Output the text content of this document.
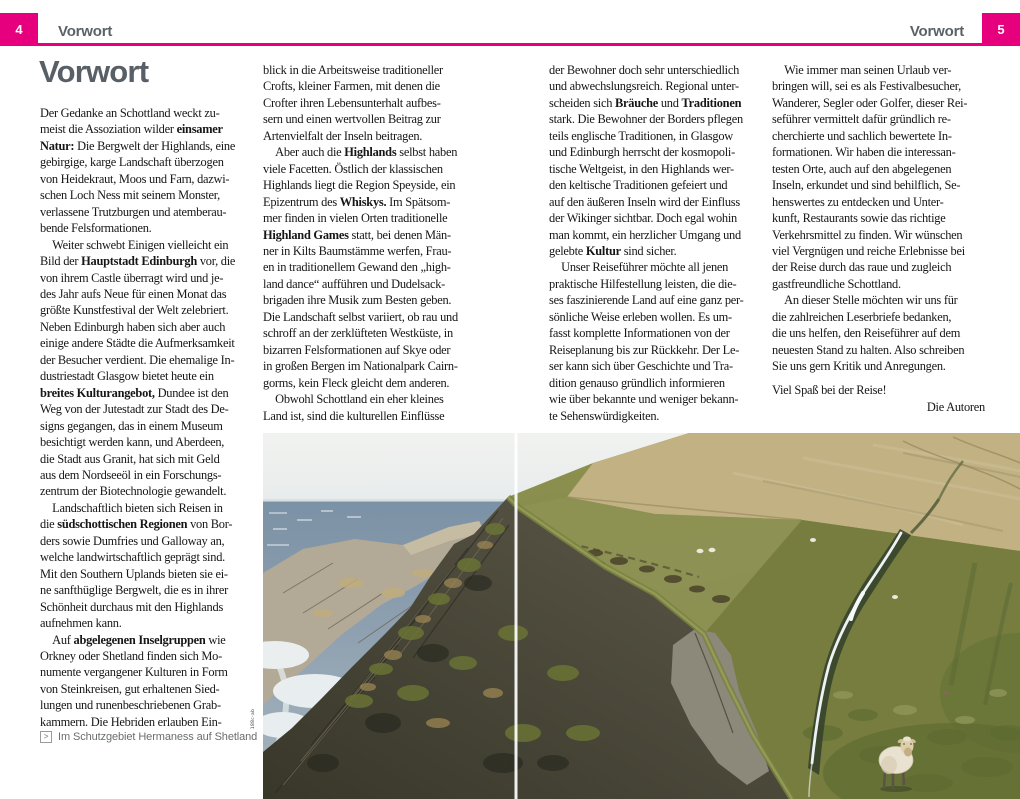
4	Vorwort	Vorwort	5
Vorwort
Der Gedanke an Schottland weckt zu-
meist die Assoziation wilder einsamer
Natur: Die Bergwelt der Highlands, eine
gebirgige, karge Landschaft überzogen
von Heidekraut, Moos und Farn, dazwi-
schen Loch Ness mit seinem Monster,
verlassene Trutzburgen und atemberau-
bende Felsformationen.
 Weiter schwebt Einigen vielleicht ein
Bild der Hauptstadt Edinburgh vor, die
von ihrem Castle überragt wird und je-
des Jahr aufs Neue für einen Monat das
größte Kunstfestival der Welt zelebriert.
Neben Edinburgh haben sich aber auch
einige andere Städte die Aufmerksamkeit
der Besucher verdient. Die ehemalige In-
dustriestadt Glasgow bietet heute ein
breites Kulturangebot, Dundee ist den
Weg von der Jutestadt zur Stadt des De-
signs gegangen, das in einem Museum
besichtigt werden kann, und Aberdeen,
die Stadt aus Granit, hat sich mit Geld
aus dem Nordseeöl in ein Forschungs-
zentrum der Biotechnologie gewandelt.
 Landschaftlich bieten sich Reisen in
die südschottischen Regionen von Bor-
ders sowie Dumfries und Galloway an,
welche landwirtschaftlich geprägt sind.
Mit den Southern Uplands bieten sie ei-
ne sanfthüglige Bergwelt, die es in ihrer
Schönheit durchaus mit den Highlands
aufnehmen kann.
 Auf abgelegenen Inselgruppen wie
Orkney oder Shetland finden sich Mo-
numente vergangener Kulturen in Form
von Steinkreisen, gut erhaltenen Sied-
lungen und runenbeschriebenen Grab-
kammern. Die Hebriden erlauben Ein-
blick in die Arbeitsweise traditioneller
Crofts, kleiner Farmen, mit denen die
Crofter ihren Lebensunterhalt aufbes-
sern und einen wertvollen Beitrag zur
Artenvielfalt der Inseln beitragen.
 Aber auch die Highlands selbst haben
viele Facetten. Östlich der klassischen
Highlands liegt die Region Speyside, ein
Epizentrum des Whiskys. Im Spätsom-
mer finden in vielen Orten traditionelle
Highland Games statt, bei denen Män-
ner in Kilts Baumstämme werfen, Frau-
en in traditionellem Gewand den „high-
land dance“ aufführen und Dudelsack-
brigaden ihre Musik zum Besten geben.
Die Landschaft selbst variiert, ob rau und
schroff an der zerklüfteten Westküste, in
bizarren Felsformationen auf Skye oder
in großen Bergen im Nationalpark Cairn-
gorms, kein Fleck gleicht dem anderen.
 Obwohl Schottland ein eher kleines
Land ist, sind die kulturellen Einflüsse
der Bewohner doch sehr unterschiedlich
und abwechslungsreich. Regional unter-
scheiden sich Bräuche und Traditionen
stark. Die Bewohner der Borders pflegen
teils englische Traditionen, in Glasgow
und Edinburgh herrscht der kosmopoli-
tische Weltgeist, in den Highlands wer-
den keltische Traditionen gefeiert und
auf den äußeren Inseln wird der Einfluss
der Wikinger sichtbar. Doch egal wohin
man kommt, ein herzlicher Umgang und
gelebte Kultur sind sicher.
 Unser Reiseführer möchte all jenen
praktische Hilfestellung leisten, die die-
ses faszinierende Land auf eine ganz per-
sönliche Weise erleben wollen. Es um-
fasst komplette Informationen von der
Reiseplanung bis zur Rückkehr. Der Le-
ser kann sich über Geschichte und Tra-
dition genauso gründlich informieren
wie über bekannte und weniger bekann-
te Sehenswürdigkeiten.
 Wie immer man seinen Urlaub ver-
bringen will, sei es als Festivalbesucher,
Wanderer, Segler oder Golfer, dieser Rei-
seführer vermittelt dafür gründlich re-
cherchierte und sachlich bewertete In-
formationen. Wir haben die interessan-
testen Orte, auch auf den abgelegenen
Inseln, erkundet und sind behilflich, Se-
henswertes zu entdecken und Unter-
kunft, Restaurants sowie das richtige
Verkehrsmittel zu finden. Wir wünschen
viel Vergnügen und reiche Erlebnisse bei
der Reise durch das raue und zugleich
gastfreundliche Schottland.
 An dieser Stelle möchten wir uns für
die zahlreichen Leserbriefe bedanken,
die uns helfen, den Reiseführer auf dem
neuesten Stand zu halten. Also schreiben
Sie uns gern Kritik und Anregungen.
Viel Spaß bei der Reise!
Die Autoren
> Im Schutzgebiet Hermaness auf Shetland
188c-ab
